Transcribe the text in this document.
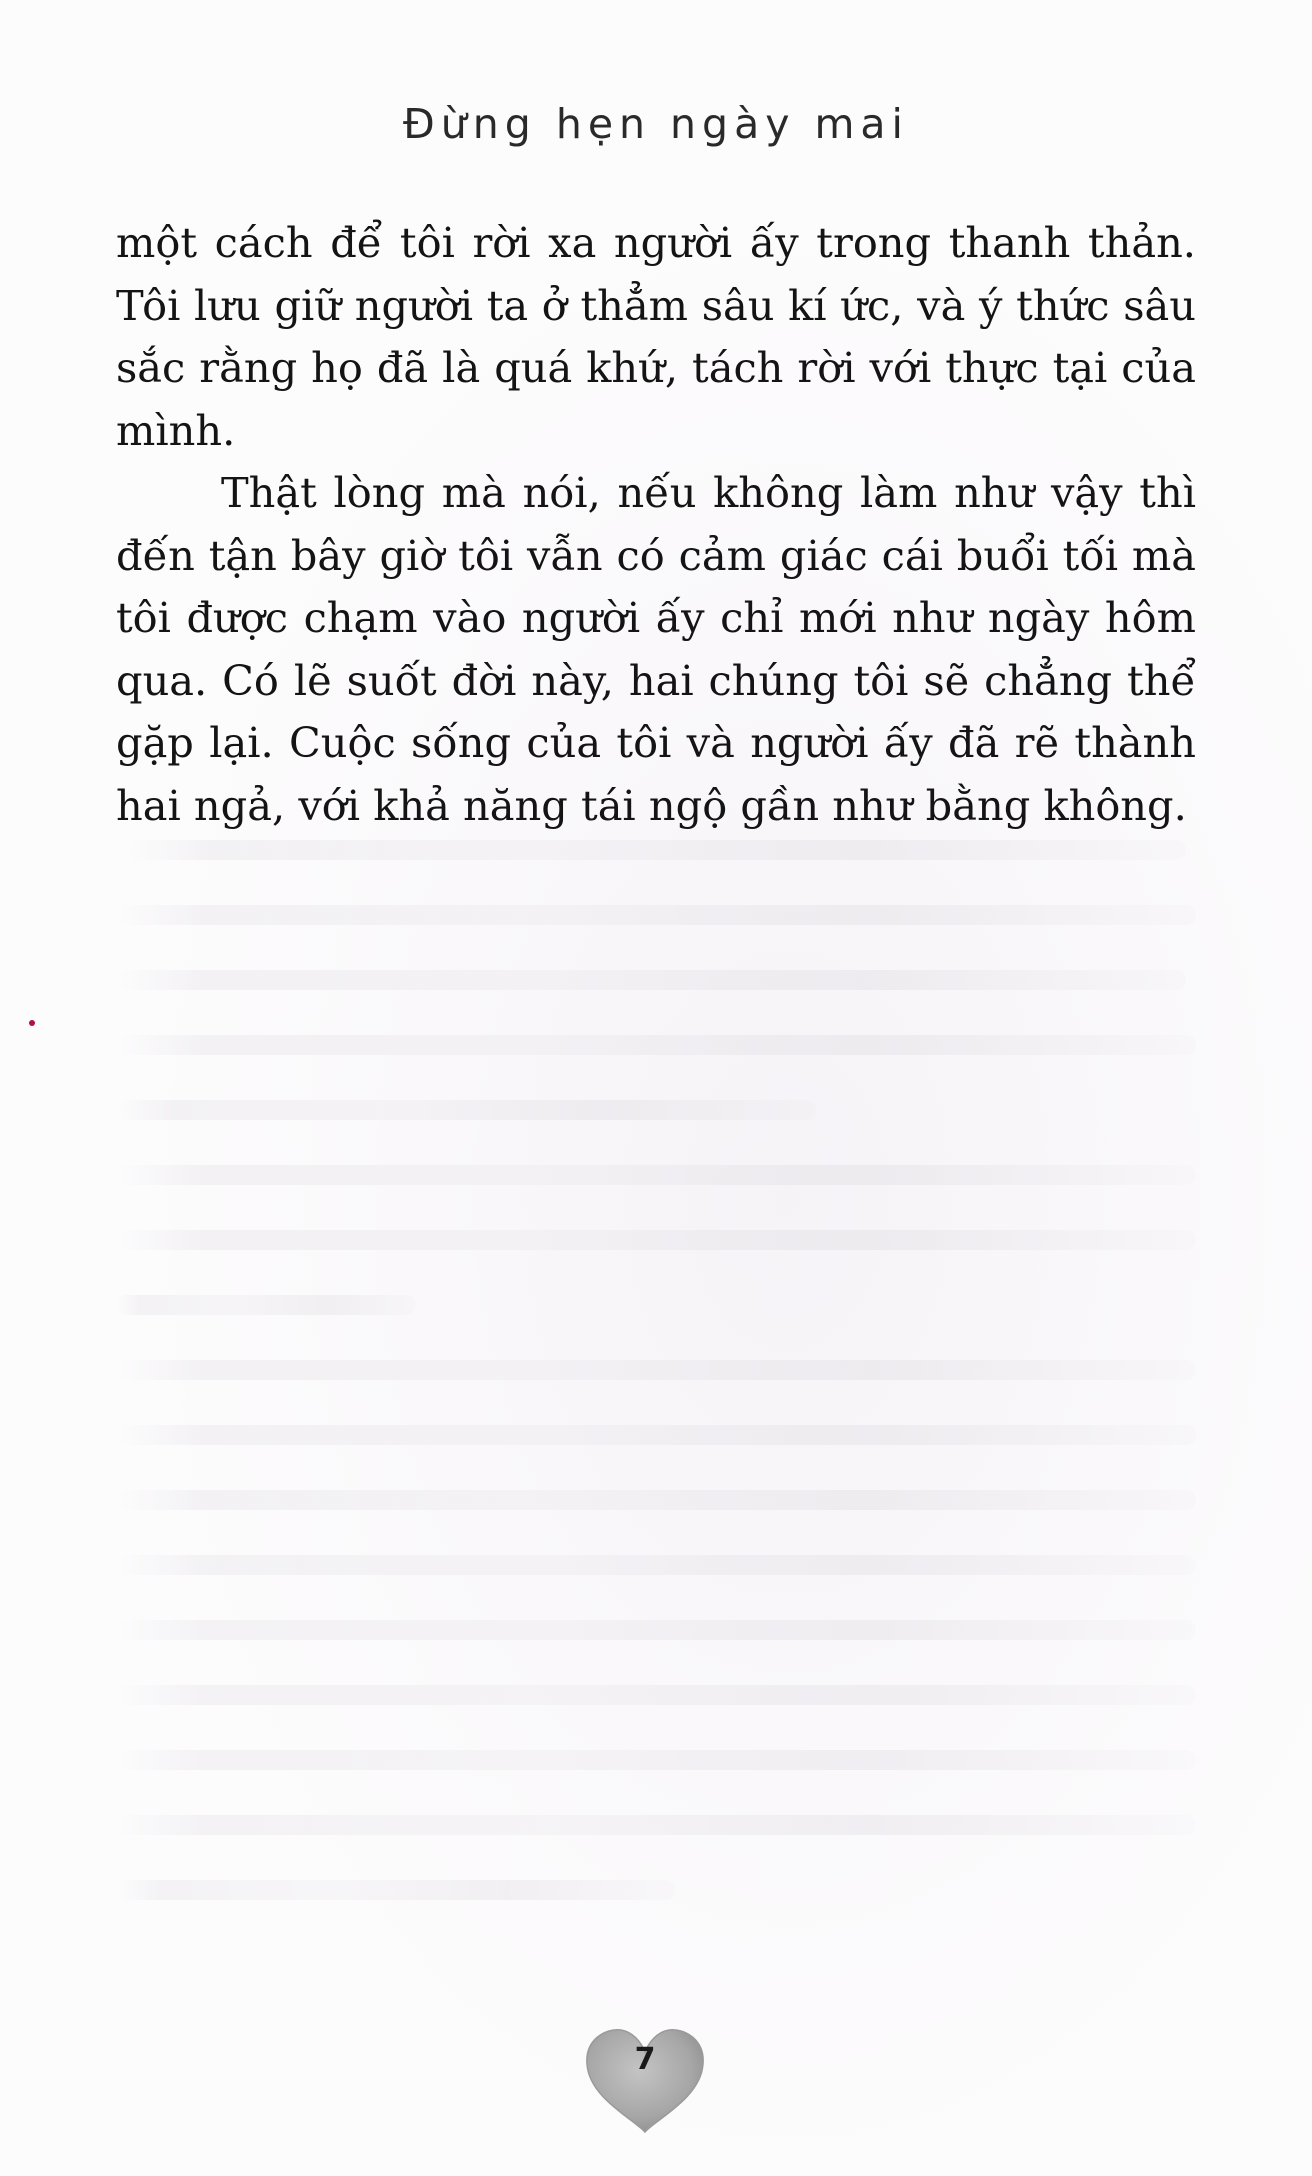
Đừng hẹn ngày mai

một cách để tôi rời xa người ấy trong thanh thản. Tôi lưu giữ người ta ở thẳm sâu kí ức, và ý thức sâu sắc rằng họ đã là quá khứ, tách rời với thực tại của mình.

Thật lòng mà nói, nếu không làm như vậy thì đến tận bây giờ tôi vẫn có cảm giác cái buổi tối mà tôi được chạm vào người ấy chỉ mới như ngày hôm qua. Có lẽ suốt đời này, hai chúng tôi sẽ chẳng thể gặp lại. Cuộc sống của tôi và người ấy đã rẽ thành hai ngả, với khả năng tái ngộ gần như bằng không.

7
